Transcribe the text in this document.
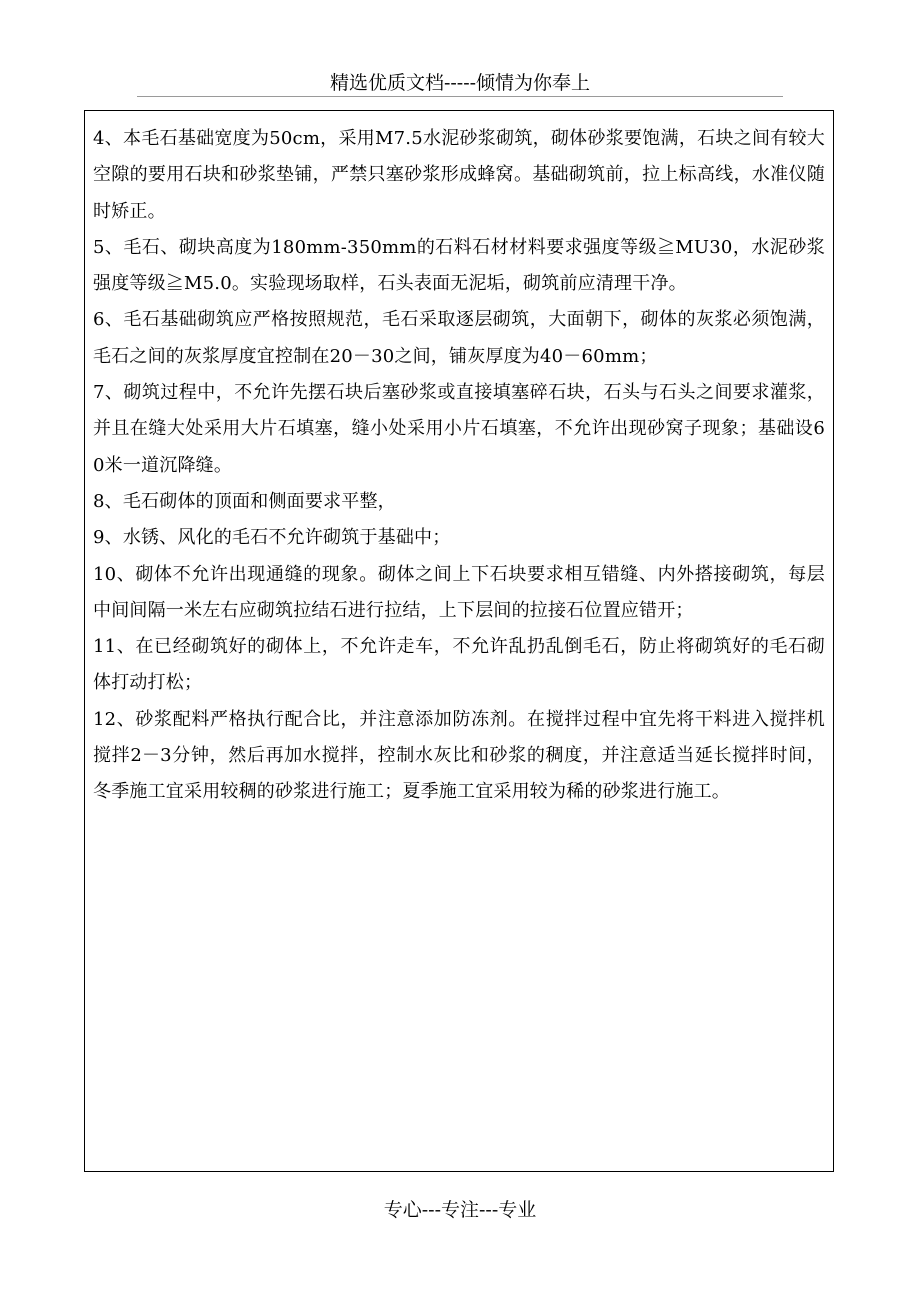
精选优质文档-----倾情为你奉上

4、本毛石基础宽度为50cm，采用M7.5水泥砂浆砌筑，砌体砂浆要饱满，石块之间有较大空隙的要用石块和砂浆垫铺，严禁只塞砂浆形成蜂窝。基础砌筑前，拉上标高线，水准仪随时矫正。

5、毛石、砌块高度为180mm-350mm的石料石材材料要求强度等级≧MU30，水泥砂浆强度等级≧M5.0。实验现场取样，石头表面无泥垢，砌筑前应清理干净。

6、毛石基础砌筑应严格按照规范，毛石采取逐层砌筑，大面朝下，砌体的灰浆必须饱满，毛石之间的灰浆厚度宜控制在20－30之间，铺灰厚度为40－60mm；

7、砌筑过程中，不允许先摆石块后塞砂浆或直接填塞碎石块，石头与石头之间要求灌浆，并且在缝大处采用大片石填塞，缝小处采用小片石填塞，不允许出现砂窝子现象；基础设60米一道沉降缝。

8、毛石砌体的顶面和侧面要求平整，

9、水锈、风化的毛石不允许砌筑于基础中；

10、砌体不允许出现通缝的现象。砌体之间上下石块要求相互错缝、内外搭接砌筑，每层中间间隔一米左右应砌筑拉结石进行拉结，上下层间的拉接石位置应错开；

11、在已经砌筑好的砌体上，不允许走车，不允许乱扔乱倒毛石，防止将砌筑好的毛石砌体打动打松；

12、砂浆配料严格执行配合比，并注意添加防冻剂。在搅拌过程中宜先将干料进入搅拌机搅拌2－3分钟，然后再加水搅拌，控制水灰比和砂浆的稠度，并注意适当延长搅拌时间，冬季施工宜采用较稠的砂浆进行施工；夏季施工宜采用较为稀的砂浆进行施工。

专心---专注---专业
